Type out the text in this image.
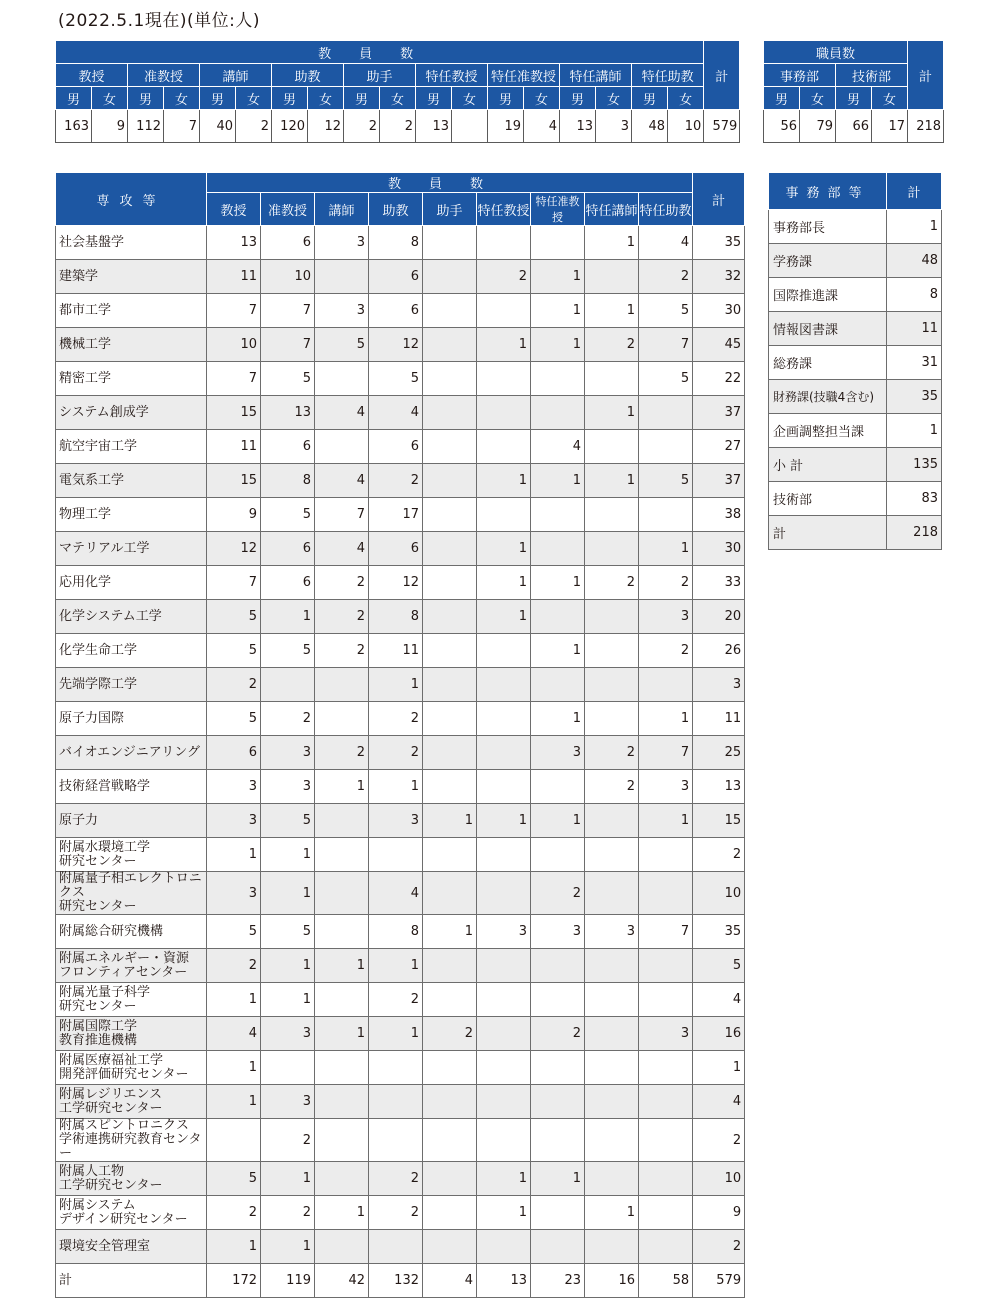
(2022.5.1現在)(単位:人)
教員数																		計
教授		准教授		講師		助教		助手		特任教授		特任准教授		特任講師		特任助教		
男	女	男	女	男	女	男	女	男	女	男	女	男	女	男	女	男	女	
163	9	112	7	40	2	120	12	2	2	13		19	4	13	3	48	10	579
職員数				計
事務部		技術部		
男	女	男	女	
56	79	66	17	218
専攻等	教員数									計
	教授	准教授	講師	助教	助手	特任教授	特任准教授	特任講師	特任助教	
社会基盤学	13	6	3	8				1	4	35
建築学	11	10		6		2	1		2	32
都市工学	7	7	3	6			1	1	5	30
機械工学	10	7	5	12		1	1	2	7	45
精密工学	7	5		5					5	22
システム創成学	15	13	4	4				1		37
航空宇宙工学	11	6		6			4			27
電気系工学	15	8	4	2		1	1	1	5	37
物理工学	9	5	7	17						38
マテリアル工学	12	6	4	6		1			1	30
応用化学	7	6	2	12		1	1	2	2	33
化学システム工学	5	1	2	8		1			3	20
化学生命工学	5	5	2	11			1		2	26
先端学際工学	2			1						3
原子力国際	5	2		2			1		1	11
バイオエンジニアリング	6	3	2	2			3	2	7	25
技術経営戦略学	3	3	1	1				2	3	13
原子力	3	5		3	1	1	1		1	15
附属水環境工学
研究センター	1	1								2
附属量子相エレクトロニクス
研究センター	3	1		4			2			10
附属総合研究機構	5	5		8	1	3	3	3	7	35
附属エネルギー・資源
フロンティアセンター	2	1	1	1						5
附属光量子科学
研究センター	1	1		2						4
附属国際工学
教育推進機構	4	3	1	1	2		2		3	16
附属医療福祉工学
開発評価研究センター	1									1
附属レジリエンス
工学研究センター	1	3								4
附属スピントロニクス
学術連携研究教育センター		2								2
附属人工物
工学研究センター	5	1		2		1	1			10
附属システム
デザイン研究センター	2	2	1	2		1		1		9
環境安全管理室	1	1								2
計	172	119	42	132	4	13	23	16	58	579
事務部等	計
事務部長	1
学務課	48
国際推進課	8
情報図書課	11
総務課	31
財務課(技職4含む)	35
企画調整担当課	1
小 計	135
技術部	83
計	218
